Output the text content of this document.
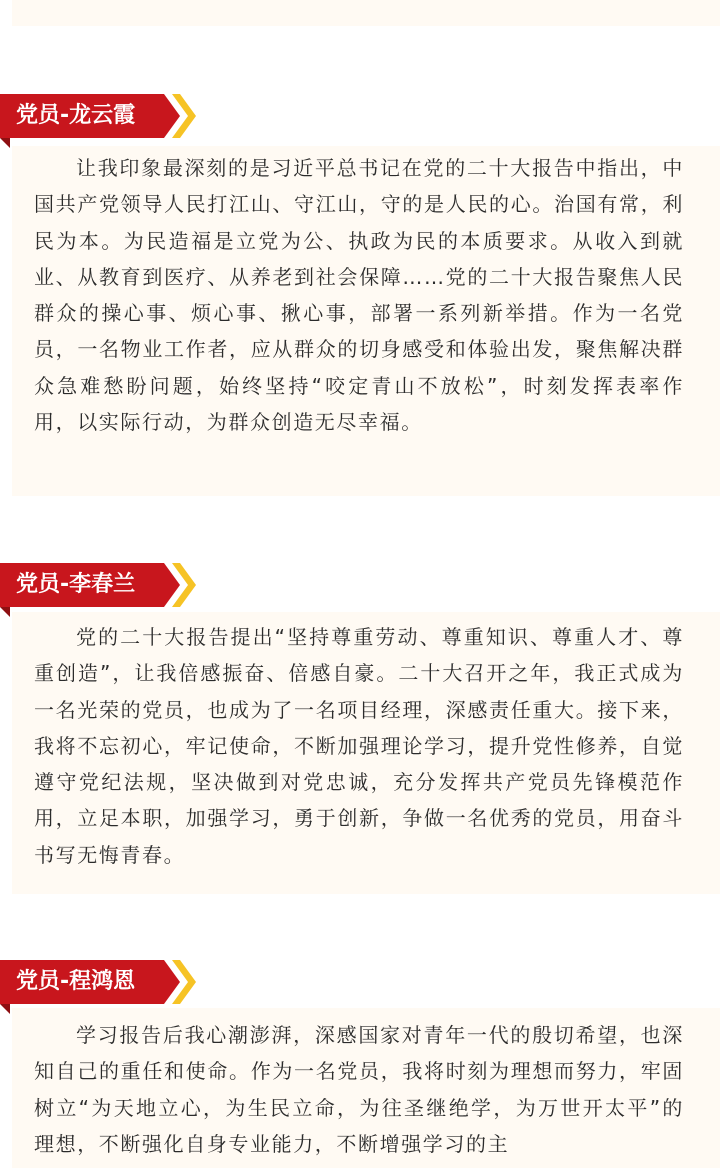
党员-龙云霞

让我印象最深刻的是习近平总书记在党的二十大报告中指出，中国共产党领导人民打江山、守江山，守的是人民的心。治国有常，利民为本。为民造福是立党为公、执政为民的本质要求。从收入到就业、从教育到医疗、从养老到社会保障……党的二十大报告聚焦人民群众的操心事、烦心事、揪心事，部署一系列新举措。作为一名党员，一名物业工作者，应从群众的切身感受和体验出发，聚焦解决群众急难愁盼问题，始终坚持“咬定青山不放松”，时刻发挥表率作用，以实际行动，为群众创造无尽幸福。

党员-李春兰

党的二十大报告提出“坚持尊重劳动、尊重知识、尊重人才、尊重创造”，让我倍感振奋、倍感自豪。二十大召开之年，我正式成为一名光荣的党员，也成为了一名项目经理，深感责任重大。接下来，我将不忘初心，牢记使命，不断加强理论学习，提升党性修养，自觉遵守党纪法规，坚决做到对党忠诚，充分发挥共产党员先锋模范作用，立足本职，加强学习，勇于创新，争做一名优秀的党员，用奋斗书写无悔青春。

党员-程鸿恩

学习报告后我心潮澎湃，深感国家对青年一代的殷切希望，也深知自己的重任和使命。作为一名党员，我将时刻为理想而努力，牢固树立“为天地立心，为生民立命，为往圣继绝学，为万世开太平”的理想，不断强化自身专业能力，不断增强学习的主
